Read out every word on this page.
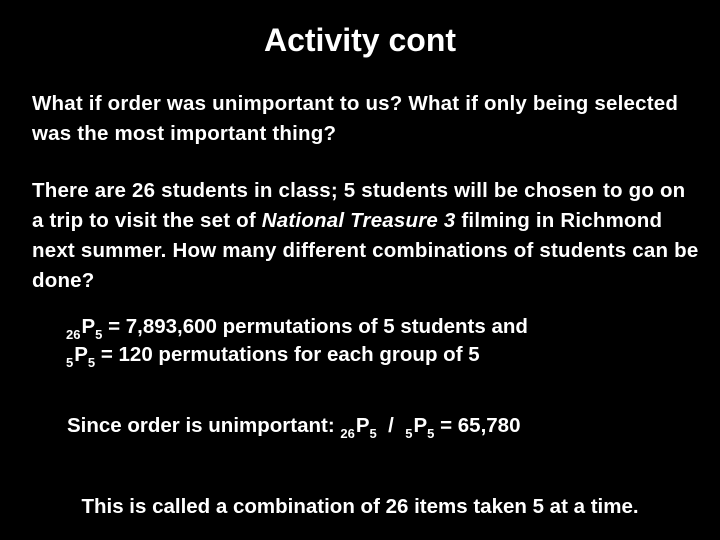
Activity cont
What if order was unimportant to us? What if only being selected was the most important thing?
There are 26 students in class; 5 students will be chosen to go on a trip to visit the set of National Treasure 3 filming in Richmond next summer. How many different combinations of students can be done?
$_{26}P_5 = 7,893,600$ permutations of 5 students and
$_5P_5 = 120$ permutations for each group of 5
Since order is unimportant: $_{26}P_5 / _5P_5 = 65,780$
This is called a combination of 26 items taken 5 at a time.
